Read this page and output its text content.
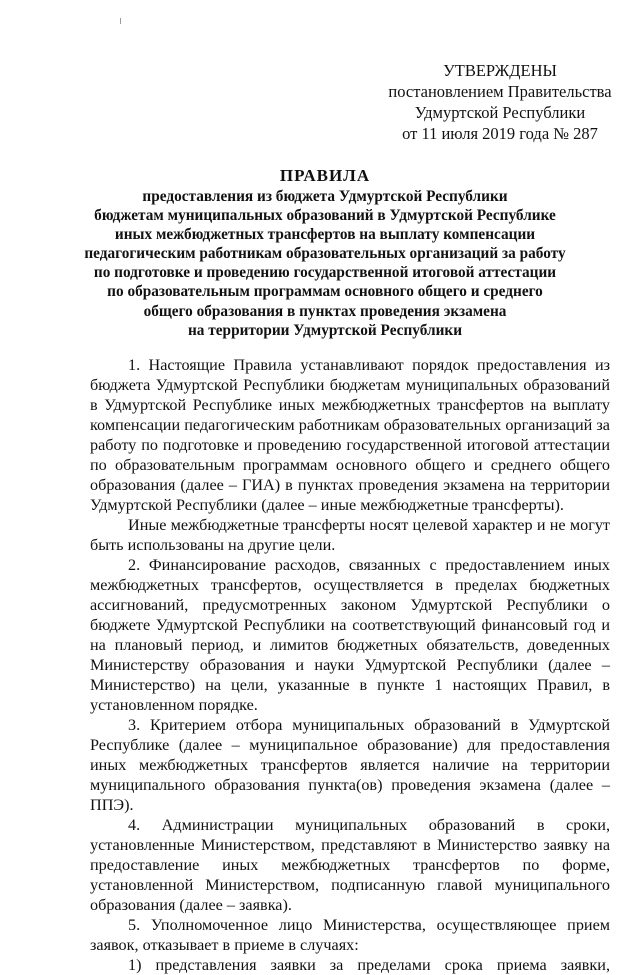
УТВЕРЖДЕНЫ
постановлением Правительства
Удмуртской Республики
от 11 июля 2019 года № 287
ПРАВИЛА
предоставления из бюджета Удмуртской Республики
бюджетам муниципальных образований в Удмуртской Республике
иных межбюджетных трансфертов на выплату компенсации
педагогическим работникам образовательных организаций за работу
по подготовке и проведению государственной итоговой аттестации
по образовательным программам основного общего и среднего
общего образования в пунктах проведения экзамена
на территории Удмуртской Республики

1. Настоящие Правила устанавливают порядок предоставления из бюджета Удмуртской Республики бюджетам муниципальных образований в Удмуртской Республике иных межбюджетных трансфертов на выплату компенсации педагогическим работникам образовательных организаций за работу по подготовке и проведению государственной итоговой аттестации по образовательным программам основного общего и среднего общего образования (далее – ГИА) в пунктах проведения экзамена на территории Удмуртской Республики (далее – иные межбюджетные трансферты).

Иные межбюджетные трансферты носят целевой характер и не могут быть использованы на другие цели.

2. Финансирование расходов, связанных с предоставлением иных межбюджетных трансфертов, осуществляется в пределах бюджетных ассигнований, предусмотренных законом Удмуртской Республики о бюджете Удмуртской Республики на соответствующий финансовый год и на плановый период, и лимитов бюджетных обязательств, доведенных Министерству образования и науки Удмуртской Республики (далее – Министерство) на цели, указанные в пункте 1 настоящих Правил, в установленном порядке.

3. Критерием отбора муниципальных образований в Удмуртской Республике (далее – муниципальное образование) для предоставления иных межбюджетных трансфертов является наличие на территории муниципального образования пункта(ов) проведения экзамена (далее – ППЭ).

4. Администрации муниципальных образований в сроки, установленные Министерством, представляют в Министерство заявку на предоставление иных межбюджетных трансфертов по форме, установленной Министерством, подписанную главой муниципального образования (далее – заявка).

5. Уполномоченное лицо Министерства, осуществляющее прием заявок, отказывает в приеме в случаях:

1) представления заявки за пределами срока приема заявки,
